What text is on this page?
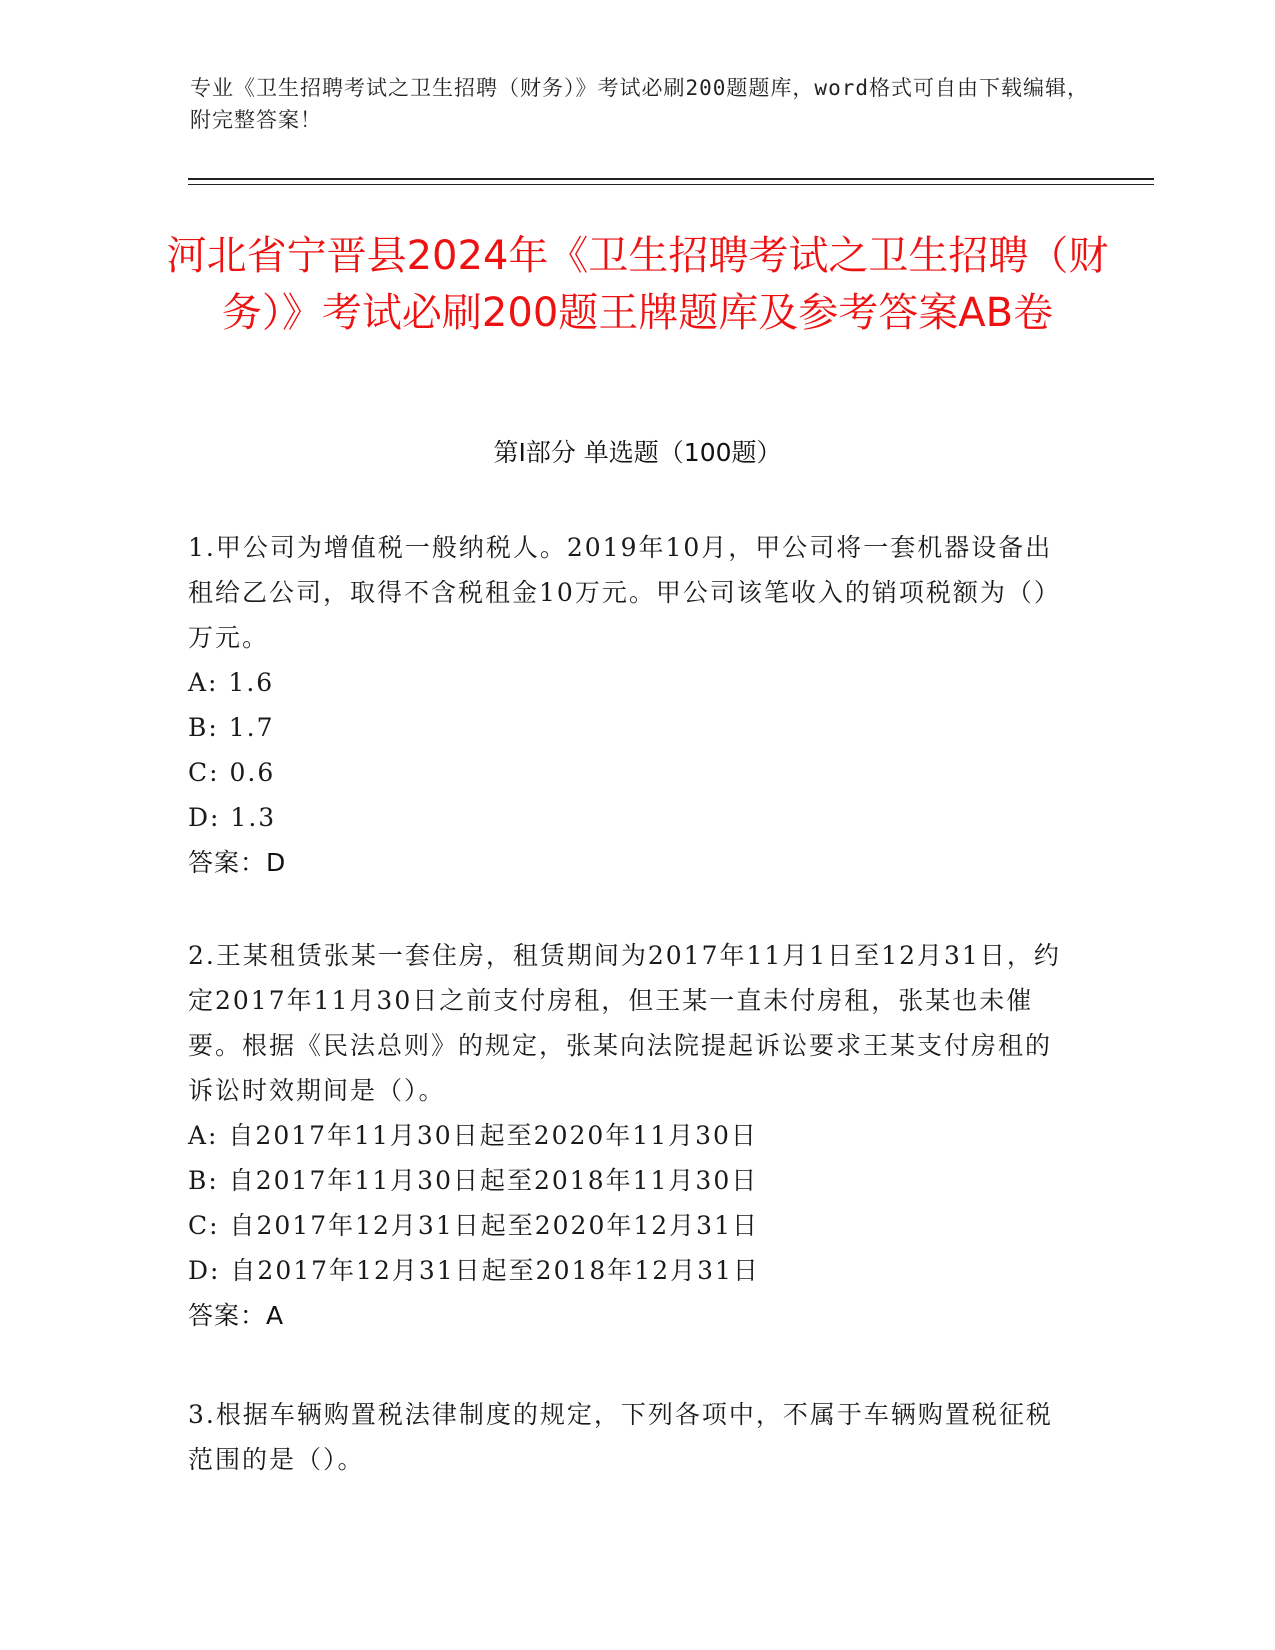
专业《卫生招聘考试之卫生招聘（财务）》考试必刷200题题库，word格式可自由下载编辑，附完整答案！
河北省宁晋县2024年《卫生招聘考试之卫生招聘（财务）》考试必刷200题王牌题库及参考答案AB卷
第Ⅰ部分 单选题（100题）

1.甲公司为增值税一般纳税人。2019年10月，甲公司将一套机器设备出租给乙公司，取得不含税租金10万元。甲公司该笔收入的销项税额为（）万元。

A: 1.6

B: 1.7

C: 0.6

D: 1.3

答案：D

2.王某租赁张某一套住房，租赁期间为2017年11月1日至12月31日，约定2017年11月30日之前支付房租，但王某一直未付房租，张某也未催要。根据《民法总则》的规定，张某向法院提起诉讼要求王某支付房租的诉讼时效期间是（）。

A: 自2017年11月30日起至2020年11月30日

B: 自2017年11月30日起至2018年11月30日

C: 自2017年12月31日起至2020年12月31日

D: 自2017年12月31日起至2018年12月31日

答案：A

3.根据车辆购置税法律制度的规定，下列各项中，不属于车辆购置税征税范围的是（）。
